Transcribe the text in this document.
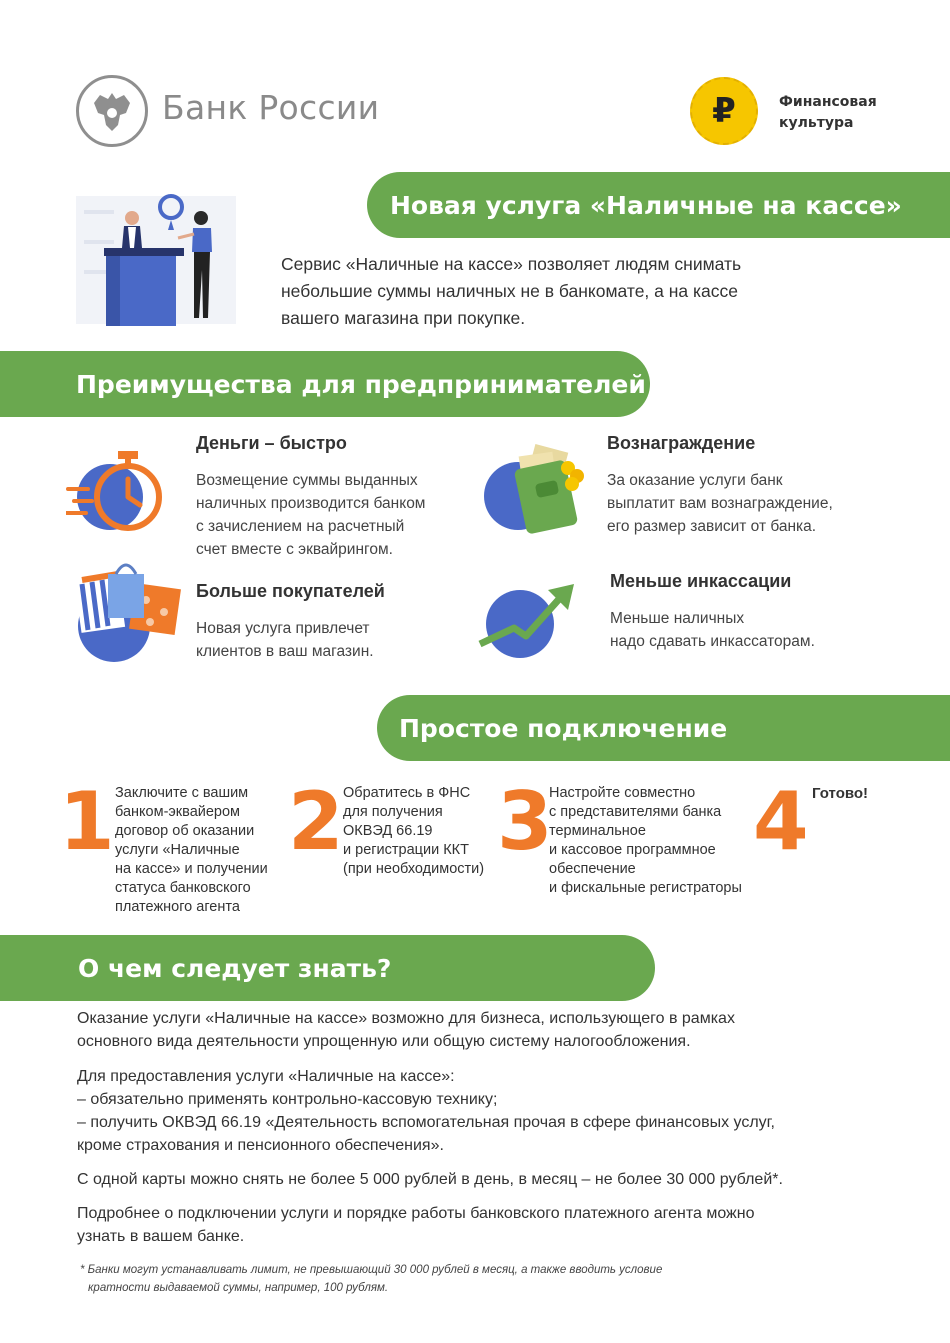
Банк России	₽	Финансовая
культура
Новая услуга «Наличные на кассе»
Сервис «Наличные на кассе» позволяет людям снимать
небольшие суммы наличных не в банкомате, а на кассе
вашего магазина при покупке.
Преимущества для предпринимателей
Деньги – быстро
Возмещение суммы выданных
наличных производится банком
с зачислением на расчетный
счет вместе с эквайрингом.
Вознаграждение
За оказание услуги банк
выплатит вам вознаграждение,
его размер зависит от банка.
Больше покупателей
Новая услуга привлечет
клиентов в ваш магазин.
Меньше инкассации
Меньше наличных
надо сдавать инкассаторам.
Простое подключение
1 Заключите с вашим
банком-эквайером
договор об оказании
услуги «Наличные
на кассе» и получении
статуса банковского
платежного агента
2 Обратитесь в ФНС
для получения
ОКВЭД 66.19
и регистрации ККТ
(при необходимости)
3
Настройте совместно
с представителями банка
терминальное
и кассовое программное
обеспечение
и фискальные регистраторы
4 Готово!
О чем следует знать?
Оказание услуги «Наличные на кассе» возможно для бизнеса, использующего в рамках
основного вида деятельности упрощенную или общую систему налогообложения.
Для предоставления услуги «Наличные на кассе»:
– обязательно применять контрольно-кассовую технику;
– получить ОКВЭД 66.19 «Деятельность вспомогательная прочая в сфере финансовых услуг,
кроме страхования и пенсионного обеспечения».
С одной карты можно снять не более 5 000 рублей в день, в месяц – не более 30 000 рублей*.
Подробнее о подключении услуги и порядке работы банковского платежного агента можно
узнать в вашем банке.
* Банки могут устанавливать лимит, не превышающий 30 000 рублей в месяц, а также вводить условие
кратности выдаваемой суммы, например, 100 рублям.
